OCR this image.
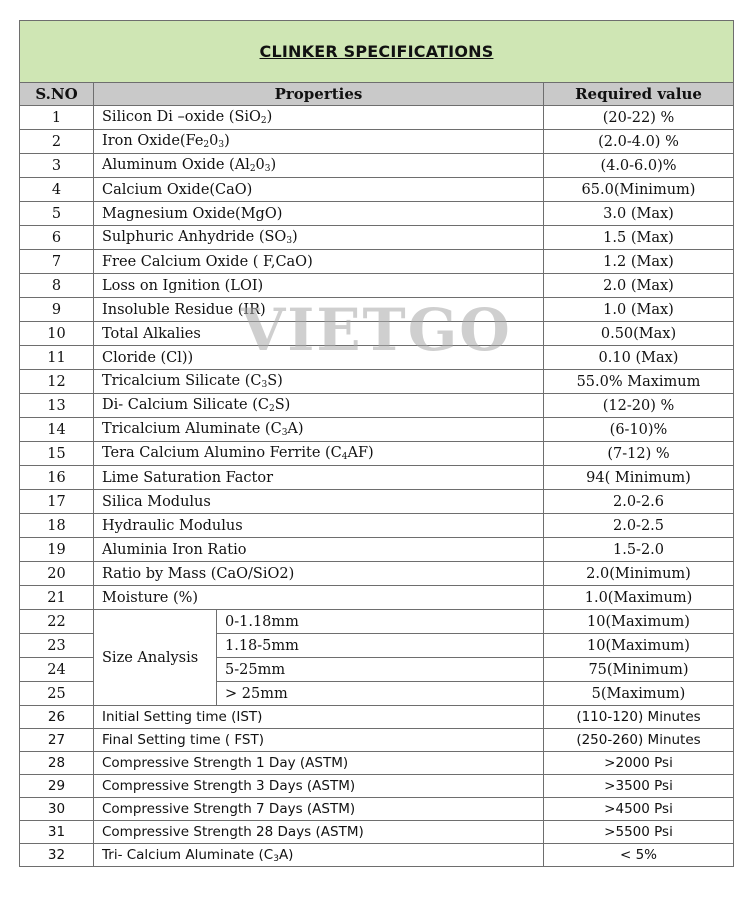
CLINKER SPECIFICATIONS			
S.NO	Properties		Required value
1	Silicon Di –oxide (SiO$_2$)		(20-22) %
2	Iron $Oxide(Fe_20_3)$		(2.0-4.0) %
3	Aluminum Oxide $(Al_20_3)$		(4.0-6.0)%
4	Calcium Oxide(CaO)		65.0(Minimum)
5	Magnesium Oxide(MgO)		3.0 (Max)
6	Sulphuric Anhydride $(SO_3)$		1.5 (Max)
7	Free Calcium Oxide ( F,CaO)		1.2 (Max)
8	Loss on Ignition (LOI)		2.0 (Max)
9	Insoluble Residue (IR)		1.0 (Max)
10	Total Alkalies		0.50(Max)
11	Cloride (Cl))		0.10 (Max)
12	Tricalcium Silicate $(C_3S)$		55.0% Maximum
13	Di- Calcium Silicate $(C_2S)$		(12-20) %
14	Tricalcium Aluminate $(C_3A)$		(6-10)%
15	Tera Calcium Alumino Ferrite $(C_4AF)$		(7-12) %
16	Lime Saturation Factor		94( Minimum)
17	Silica Modulus		2.0-2.6
18	Hydraulic Modulus		2.0-2.5
19	Aluminia Iron Ratio		1.5-2.0
20	Ratio by Mass (CaO/SiO2)		2.0(Minimum)
21	Moisture (%)		1.0(Maximum)
22	Size Analysis	0-1.18mm	10(Maximum)
23		1.18-5mm	10(Maximum)
24		5-25mm	75(Minimum)
25		> 25mm	5(Maximum)
26	Initial Setting time (IST)		(110-120) Minutes
27	Final Setting time ( FST)		(250-260) Minutes
28	Compressive Strength 1 Day (ASTM)		>2000 Psi
29	Compressive Strength 3 Days (ASTM)		>3500 Psi
30	Compressive Strength 7 Days (ASTM)		>4500 Psi
31	Compressive Strength 28 Days (ASTM)		>5500 Psi
32	Tri- Calcium Aluminate $(C_3A)$		< 5%
VIETGO
